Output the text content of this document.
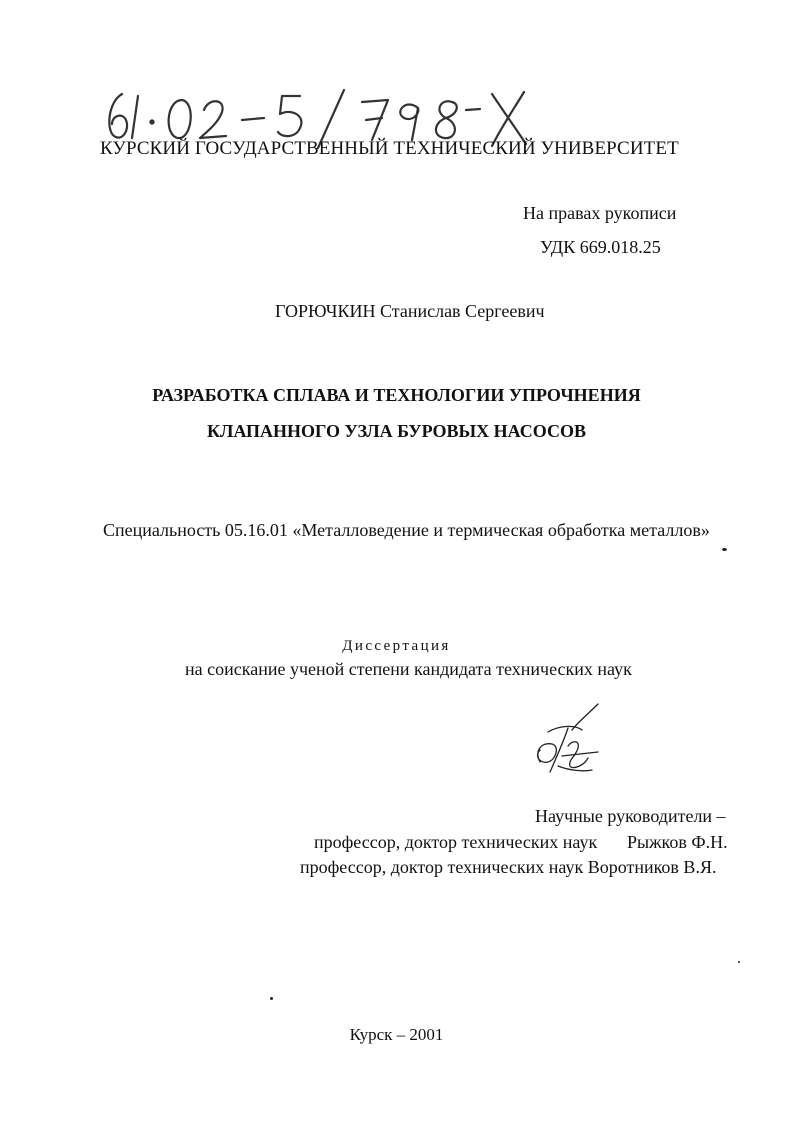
КУРСКИЙ ГОСУДАРСТВЕННЫЙ ТЕХНИЧЕСКИЙ УНИВЕРСИТЕТ
На правах рукописи
УДК 669.018.25
ГОРЮЧКИН Станислав Сергеевич
РАЗРАБОТКА СПЛАВА И ТЕХНОЛОГИИ УПРОЧНЕНИЯ
КЛАПАННОГО УЗЛА БУРОВЫХ НАСОСОВ
Специальность 05.16.01 «Металловедение и термическая обработка металлов»
Диссертация
на соискание ученой степени кандидата технических наук
Научные руководители –
профессор, доктор технических наук Рыжков Ф.Н.
профессор, доктор технических наук Воротников В.Я.
Курск – 2001
